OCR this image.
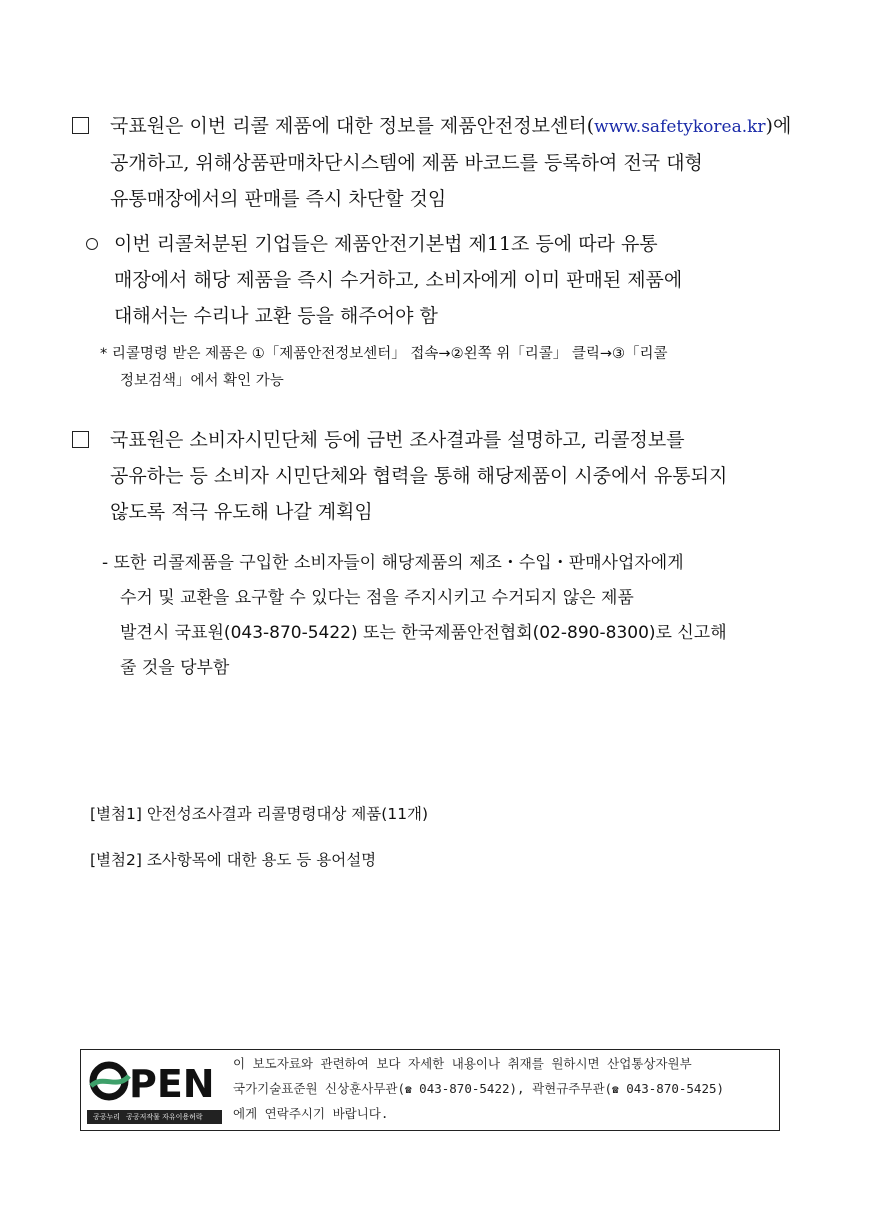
국표원은 이번 리콜 제품에 대한 정보를 제품안전정보센터(www.safetykorea.kr)에
공개하고, 위해상품판매차단시스템에 제품 바코드를 등록하여 전국 대형
유통매장에서의 판매를 즉시 차단할 것임
이번 리콜처분된 기업들은 제품안전기본법 제11조 등에 따라 유통
매장에서 해당 제품을 즉시 수거하고, 소비자에게 이미 판매된 제품에
대해서는 수리나 교환 등을 해주어야 함
* 리콜명령 받은 제품은 ①「제품안전정보센터」 접속→②왼쪽 위「리콜」 클릭→③「리콜
정보검색」에서 확인 가능
국표원은 소비자시민단체 등에 금번 조사결과를 설명하고, 리콜정보를
공유하는 등 소비자 시민단체와 협력을 통해 해당제품이 시중에서 유통되지
않도록 적극 유도해 나갈 계획임
- 또한 리콜제품을 구입한 소비자들이 해당제품의 제조・수입・판매사업자에게
수거 및 교환을 요구할 수 있다는 점을 주지시키고 수거되지 않은 제품
발견시 국표원(043-870-5422) 또는 한국제품안전협회(02-890-8300)로 신고해
줄 것을 당부함
[별첨1] 안전성조사결과 리콜명령대상 제품(11개)
[별첨2] 조사항목에 대한 용도 등 용어설명
PEN
공공누리 공공저작물 자유이용허락
이 보도자료와 관련하여 보다 자세한 내용이나 취재를 원하시면 산업통상자원부
국가기술표준원 신상훈사무관(☎ 043-870-5422), 곽현규주무관(☎ 043-870-5425)
에게 연락주시기 바랍니다.
